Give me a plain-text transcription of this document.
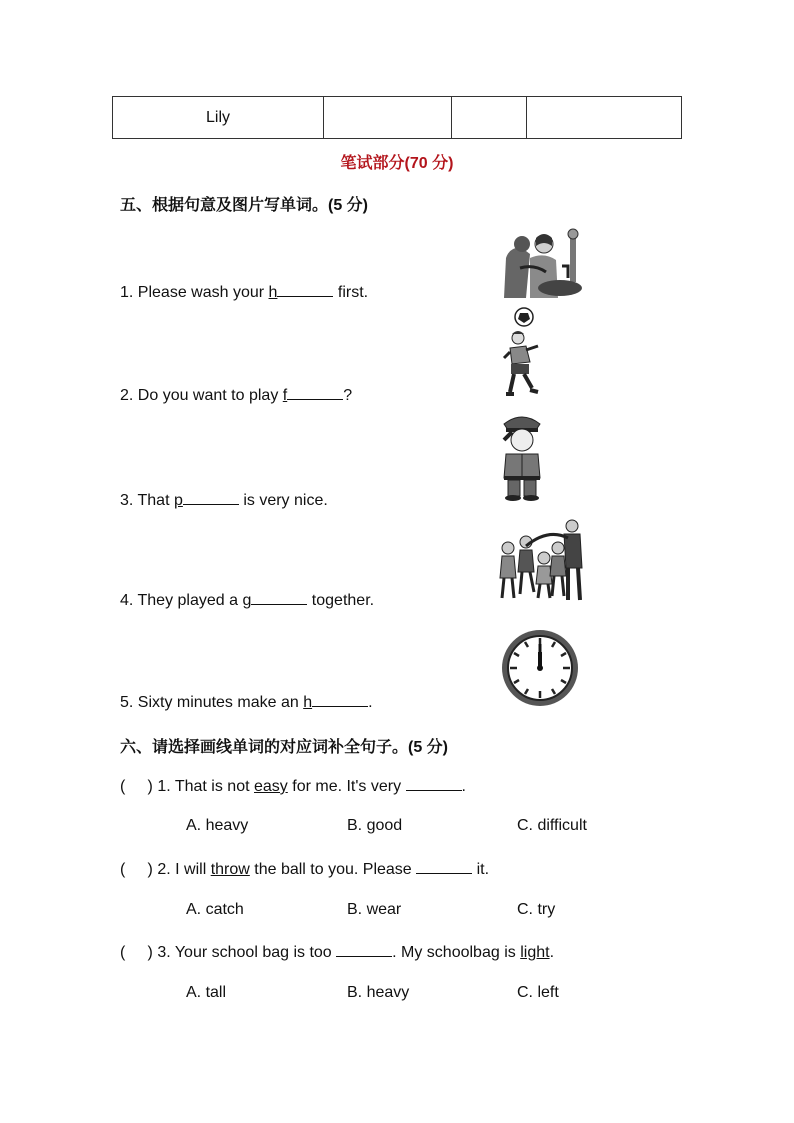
Lily			
笔试部分(70 分)
五、根据句意及图片写单词。(5 分)
1. Please wash your h	first.
2. Do you want to play f	?
3. That p	is very nice.
4. They played a g	together.
5. Sixty minutes make an h	.
六、请选择画线单词的对应词补全句子。(5 分)
(     ) 1. That is not easy for me. It's very	.
A. heavy	B. good	C. difficult
(     ) 2. I will throw the ball to you. Please	it.
A. catch	B. wear	C. try
(     ) 3. Your school bag is too	. My schoolbag is light.
A. tall	B. heavy	C. left
